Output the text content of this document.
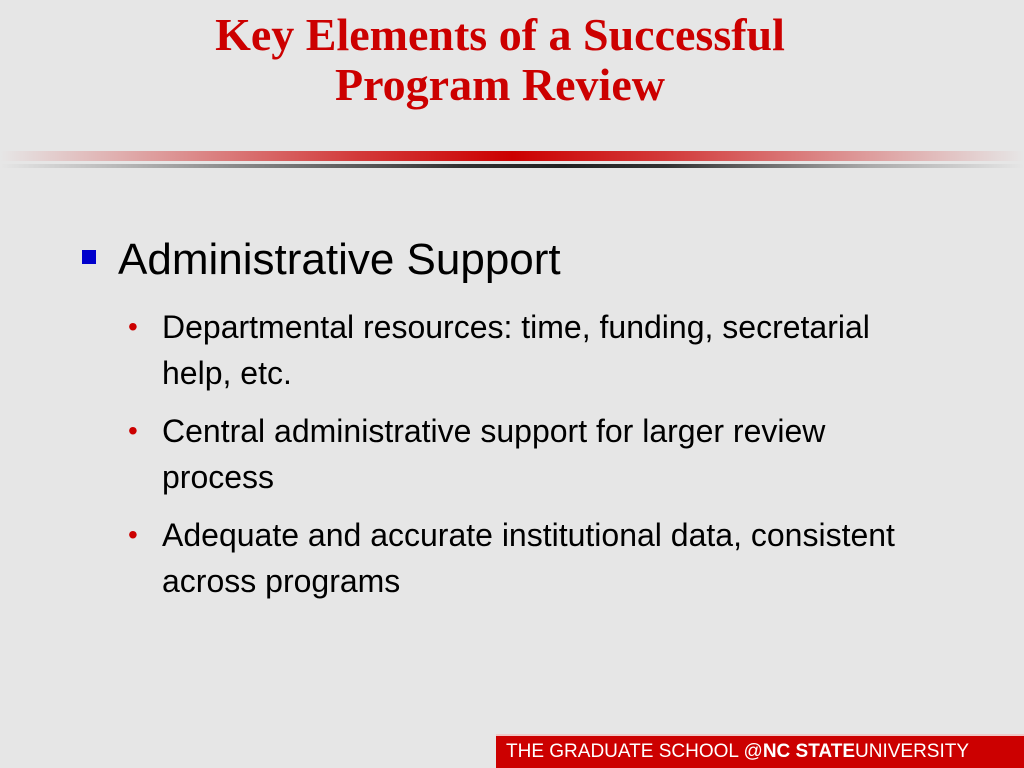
Key Elements of a Successful
Program Review
Administrative Support
• Departmental resources: time, funding, secretarial help, etc.
• Central administrative support for larger review process
• Adequate and accurate institutional data, consistent across programs
THE GRADUATE SCHOOL @ NC STATE UNIVERSITY
